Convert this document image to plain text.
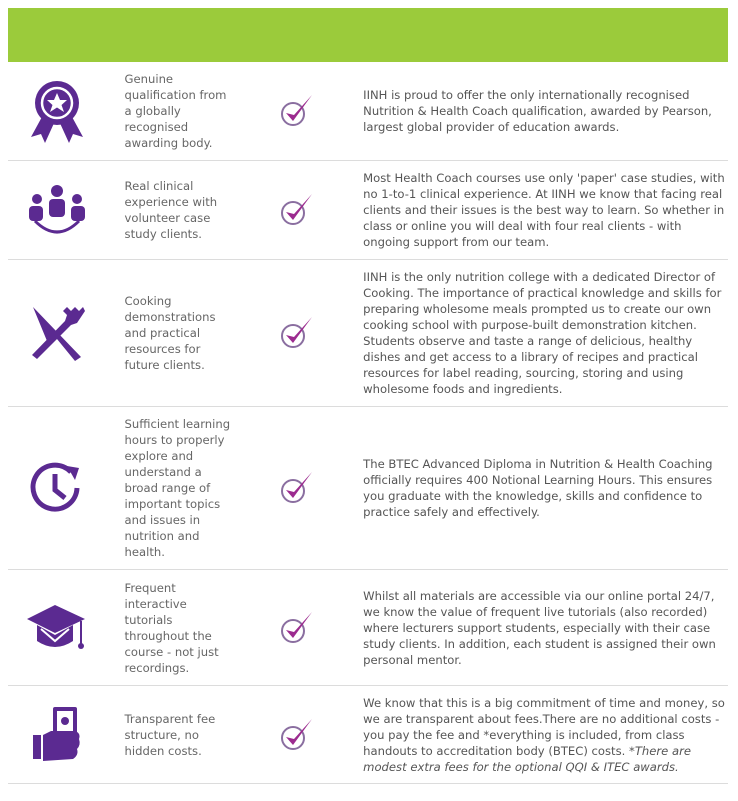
Genuine qualification from a globally recognised awarding body.
IINH is proud to offer the only internationally recognised Nutrition & Health Coach qualification, awarded by Pearson, largest global provider of education awards.
Real clinical experience with volunteer case study clients.
Most Health Coach courses use only 'paper' case studies, with no 1-to-1 clinical experience. At IINH we know that facing real clients and their issues is the best way to learn. So whether in class or online you will deal with four real clients - with ongoing support from our team.
Cooking demonstrations and practical resources for future clients.
IINH is the only nutrition college with a dedicated Director of Cooking. The importance of practical knowledge and skills for preparing wholesome meals prompted us to create our own cooking school with purpose-built demonstration kitchen. Students observe and taste a range of delicious, healthy dishes and get access to a library of recipes and practical resources for label reading, sourcing, storing and using wholesome foods and ingredients.
Sufficient learning hours to properly explore and understand a broad range of important topics and issues in nutrition and health.
The BTEC Advanced Diploma in Nutrition & Health Coaching officially requires 400 Notional Learning Hours. This ensures you graduate with the knowledge, skills and confidence to practice safely and effectively.
Frequent interactive tutorials throughout the course - not just recordings.
Whilst all materials are accessible via our online portal 24/7, we know the value of frequent live tutorials (also recorded) where lecturers support students, especially with their case study clients. In addition, each student is assigned their own personal mentor.
Transparent fee structure, no hidden costs.
We know that this is a big commitment of time and money, so we are transparent about fees.There are no additional costs - you pay the fee and *everything is included, from class handouts to accreditation body (BTEC) costs. *There are modest extra fees for the optional QQI & ITEC awards.
